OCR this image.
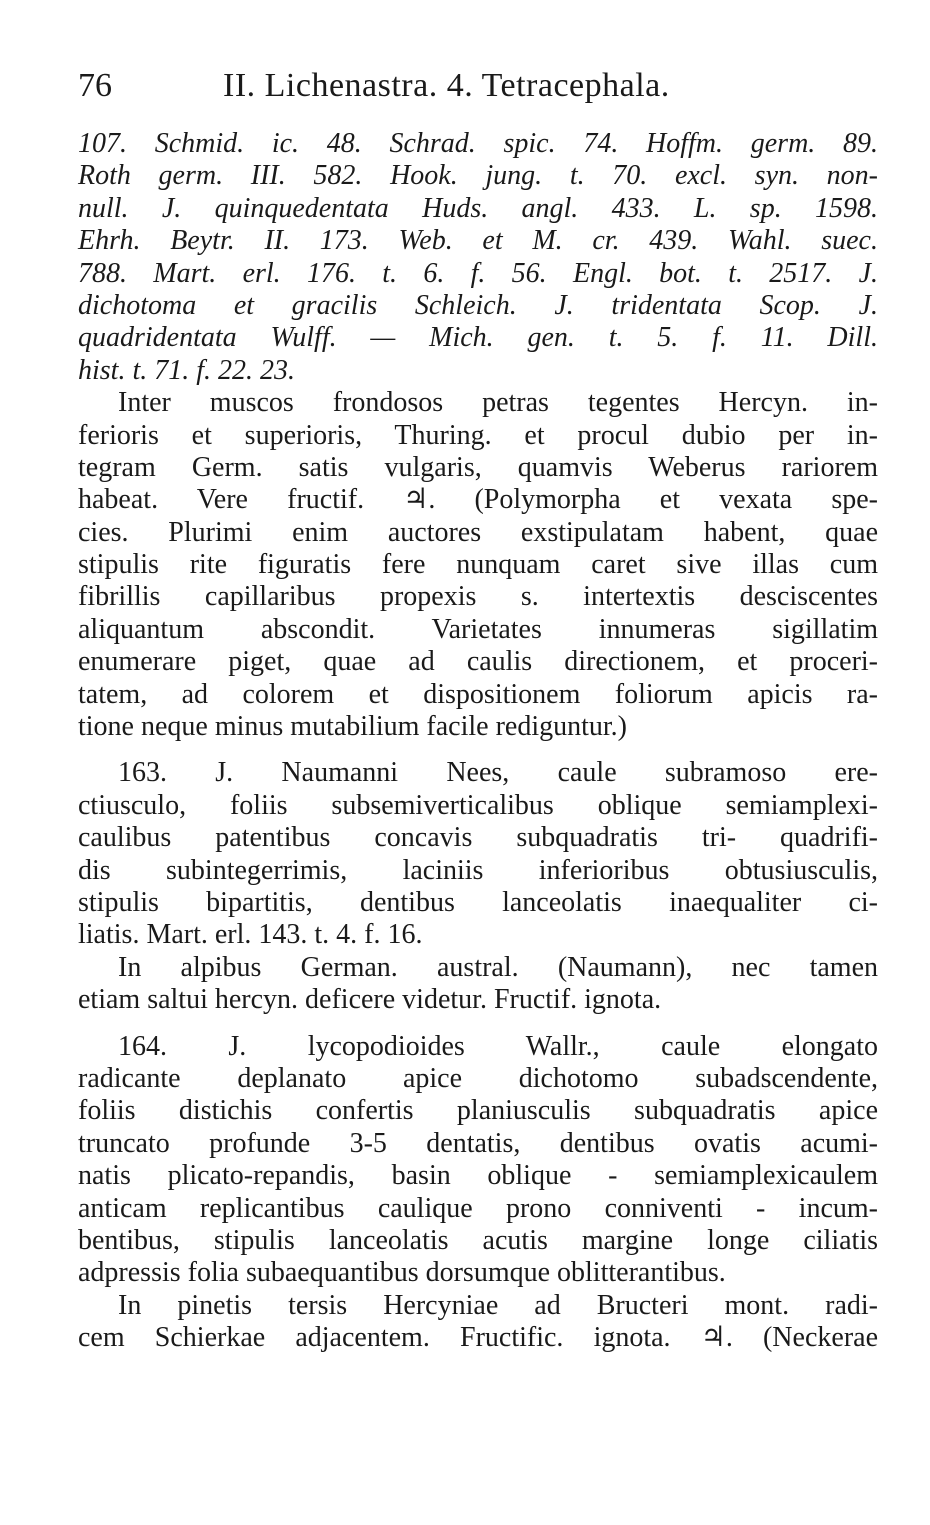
76	II. Lichenastra. 4. Tetracephala.
107. Schmid. ic. 48. Schrad. spic. 74. Hoffm. germ. 89.
Roth germ. III. 582. Hook. jung. t. 70. excl. syn. non-
null. J. quinquedentata Huds. angl. 433. L. sp. 1598.
Ehrh. Beytr. II. 173. Web. et M. cr. 439. Wahl. suec.
788. Mart. erl. 176. t. 6. f. 56. Engl. bot. t. 2517. J.
dichotoma et gracilis Schleich. J. tridentata Scop. J.
quadridentata Wulff. — Mich. gen. t. 5. f. 11. Dill.
hist. t. 71. f. 22. 23.
Inter muscos frondosos petras tegentes Hercyn. in-
ferioris et superioris, Thuring. et procul dubio per in-
tegram Germ. satis vulgaris, quamvis Weberus rariorem
habeat. Vere fructif. ♃. (Polymorpha et vexata spe-
cies. Plurimi enim auctores exstipulatam habent, quae
stipulis rite figuratis fere nunquam caret sive illas cum
fibrillis capillaribus propexis s. intertextis desciscentes
aliquantum abscondit. Varietates innumeras sigillatim
enumerare piget, quae ad caulis directionem, et proceri-
tatem, ad colorem et dispositionem foliorum apicis ra-
tione neque minus mutabilium facile rediguntur.)
163. J. Naumanni Nees, caule subramoso ere-
ctiusculo, foliis subsemiverticalibus oblique semiamplexi-
caulibus patentibus concavis subquadratis tri- quadrifi-
dis subintegerrimis, laciniis inferioribus obtusiusculis,
stipulis bipartitis, dentibus lanceolatis inaequaliter ci-
liatis. Mart. erl. 143. t. 4. f. 16.
In alpibus German. austral. (Naumann), nec tamen
etiam saltui hercyn. deficere videtur. Fructif. ignota.
164. J. lycopodioides Wallr., caule elongato
radicante deplanato apice dichotomo subadscendente,
foliis distichis confertis planiusculis subquadratis apice
truncato profunde 3-5 dentatis, dentibus ovatis acumi-
natis plicato-repandis, basin oblique - semiamplexicaulem
anticam replicantibus caulique prono conniventi - incum-
bentibus, stipulis lanceolatis acutis margine longe ciliatis
adpressis folia subaequantibus dorsumque oblitterantibus.
In pinetis tersis Hercyniae ad Bructeri mont. radi-
cem Schierkae adjacentem. Fructific. ignota. ♃. (Neckerae
